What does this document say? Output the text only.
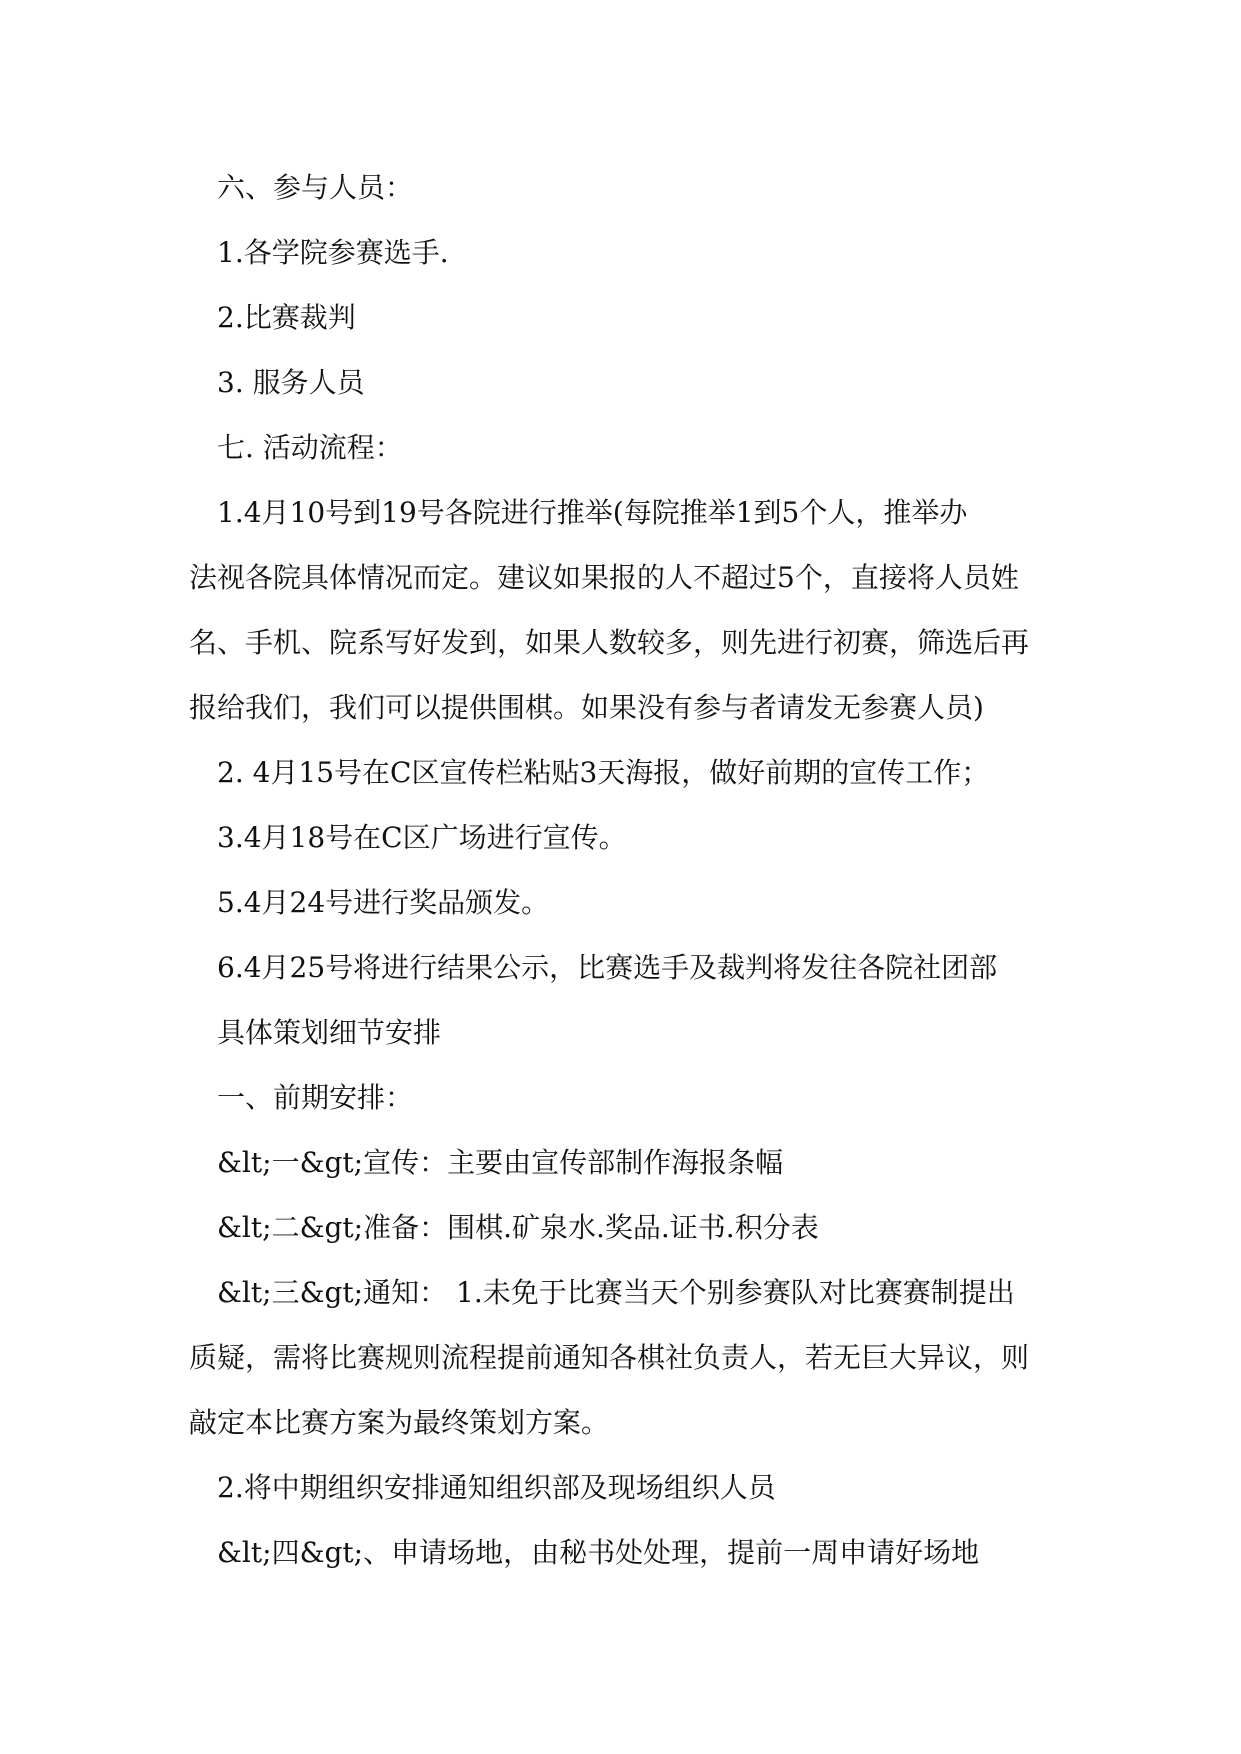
六、参与人员：
1.各学院参赛选手.
2.比赛裁判
3. 服务人员
七. 活动流程：
1.4月10号到19号各院进行推举(每院推举1到5个人，推举办
法视各院具体情况而定。建议如果报的人不超过5个，直接将人员姓
名、手机、院系写好发到，如果人数较多，则先进行初赛，筛选后再
报给我们，我们可以提供围棋。如果没有参与者请发无参赛人员)
2. 4月15号在C区宣传栏粘贴3天海报，做好前期的宣传工作；
3.4月18号在C区广场进行宣传。
5.4月24号进行奖品颁发。
6.4月25号将进行结果公示，比赛选手及裁判将发往各院社团部
具体策划细节安排
一、前期安排：
&lt;一&gt;宣传：主要由宣传部制作海报条幅
&lt;二&gt;准备：围棋.矿泉水.奖品.证书.积分表
&lt;三&gt;通知： 1.未免于比赛当天个别参赛队对比赛赛制提出
质疑，需将比赛规则流程提前通知各棋社负责人，若无巨大异议，则
敲定本比赛方案为最终策划方案。
2.将中期组织安排通知组织部及现场组织人员
&lt;四&gt;、申请场地，由秘书处处理，提前一周申请好场地
